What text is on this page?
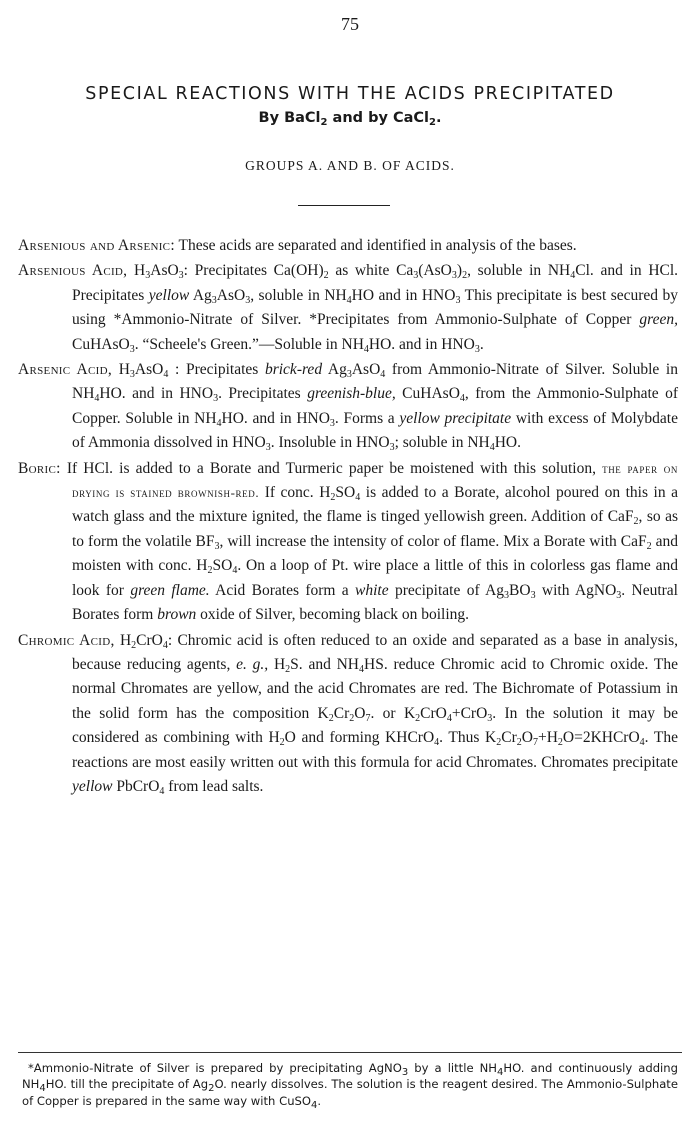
75
SPECIAL REACTIONS WITH THE ACIDS PRECIPITATED
By BaCl$_2$ and by CaCl$_2$.
GROUPS A. AND B. OF ACIDS.

Arsenious and Arsenic: These acids are separated and identified in analysis of the bases.

Arsenious Acid, $H_3AsO_3$: Precipitates $Ca(OH)_2$ as white $Ca_3(AsO_3)_2$, soluble in $NH_4Cl$. and in HCl. Precipitates yellow $Ag_3AsO_3$, soluble in $NH_4HO$ and in $HNO_3$ This precipitate is best secured by using *Ammonio-Nitrate of Silver. *Precipitates from Ammonio-Sulphate of Copper green, CuHAsO$_3$. “Scheele's Green.”—Soluble in $NH_4HO$. and in $HNO_3$.

Arsenic Acid, $H_3AsO_4$ : Precipitates brick-red $Ag_3AsO_4$ from Ammonio-Nitrate of Silver. Soluble in $NH_4HO$. and in $HNO_3$. Precipitates greenish-blue, CuHAsO$_4$, from the Ammonio-Sulphate of Copper. Soluble in $NH_4HO$. and in $HNO_3$. Forms a yellow precipitate with excess of Molybdate of Ammonia dissolved in $HNO_3$. Insoluble in $HNO_3$; soluble in $NH_4HO$.

Boric: If HCl. is added to a Borate and Turmeric paper be moistened with this solution, the paper on drying is stained brownish-red. If conc. $H_2SO_4$ is added to a Borate, alcohol poured on this in a watch glass and the mixture ignited, the flame is tinged yellowish green. Addition of CaF$_2$, so as to form the volatile $BF_3$, will increase the intensity of color of flame. Mix a Borate with CaF$_2$ and moisten with conc. $H_2SO_4$. On a loop of Pt. wire place a little of this in colorless gas flame and look for green flame. Acid Borates form a white precipitate of $Ag_3BO_3$ with AgNO$_3$. Neutral Borates form brown oxide of Silver, becoming black on boiling.

Chromic Acid, $H_2CrO_4$: Chromic acid is often reduced to an oxide and separated as a base in analysis, because reducing agents, e. g., $H_2S$. and $NH_4HS$. reduce Chromic acid to Chromic oxide. The normal Chromates are yellow, and the acid Chromates are red. The Bichromate of Potassium in the solid form has the composition $K_2Cr_2O_7$. or $K_2CrO_4+CrO_3$. In the solution it may be considered as combining with $H_2O$ and forming KHCrO$_4$. Thus $K_2Cr_2O_7+H_2O=2KHCrO_4$. The reactions are most easily written out with this formula for acid Chromates. Chromates precipitate yellow PbCrO$_4$ from lead salts.

*Ammonio-Nitrate of Silver is prepared by precipitating AgNO$_3$ by a little $NH_4HO$. and continuously adding $NH_4HO$. till the precipitate of $Ag_2O$. nearly dissolves. The solution is the reagent desired. The Ammonio-Sulphate of Copper is prepared in the same way with CuSO$_4$.
